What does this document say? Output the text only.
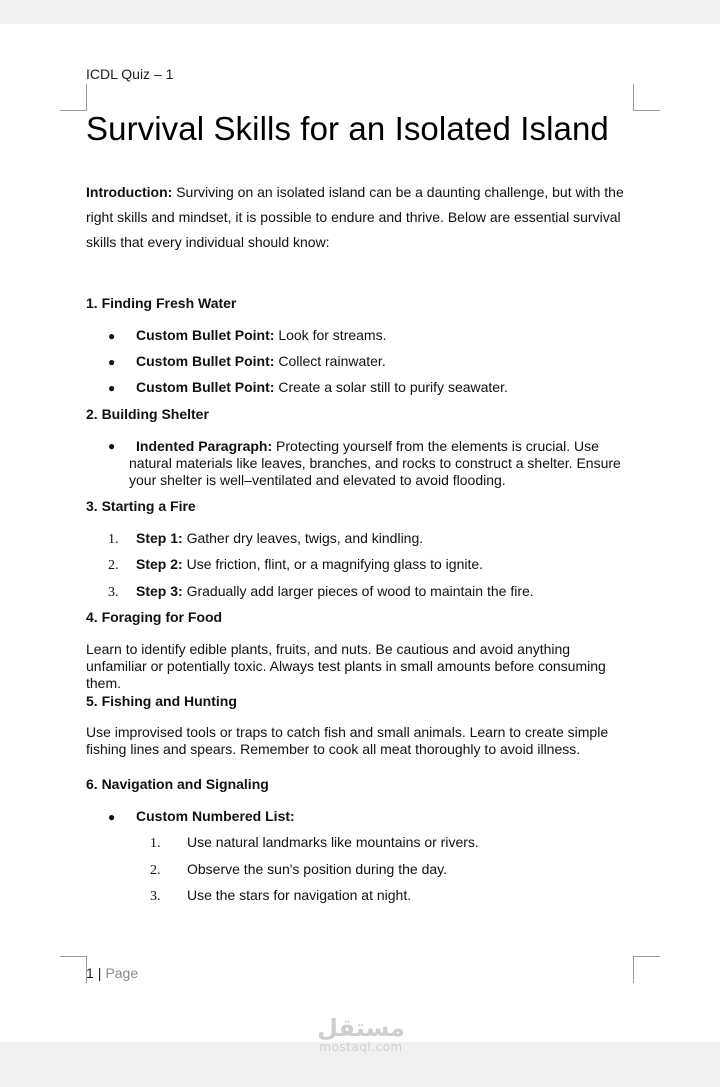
ICDL Quiz – 1
Survival Skills for an Isolated Island
Introduction: Surviving on an isolated island can be a daunting challenge, but with the right skills and mindset, it is possible to endure and thrive. Below are essential survival skills that every individual should know:
1. Finding Fresh Water
● Custom Bullet Point: Look for streams.
● Custom Bullet Point: Collect rainwater.
● Custom Bullet Point: Create a solar still to purify seawater.
2. Building Shelter
●	Indented Paragraph: Protecting yourself from the elements is crucial. Use natural materials like leaves, branches, and rocks to construct a shelter. Ensure your shelter is well–ventilated and elevated to avoid flooding.
3. Starting a Fire
1. Step 1: Gather dry leaves, twigs, and kindling.
2. Step 2: Use friction, flint, or a magnifying glass to ignite.
3. Step 3: Gradually add larger pieces of wood to maintain the fire.
4. Foraging for Food
Learn to identify edible plants, fruits, and nuts. Be cautious and avoid anything unfamiliar or potentially toxic. Always test plants in small amounts before consuming them.
5. Fishing and Hunting
Use improvised tools or traps to catch fish and small animals. Learn to create simple fishing lines and spears. Remember to cook all meat thoroughly to avoid illness.
6. Navigation and Signaling
● Custom Numbered List:
1. Use natural landmarks like mountains or rivers.
2. Observe the sun's position during the day.
3. Use the stars for navigation at night.
1 | Page
مستقل
mostaql.com
